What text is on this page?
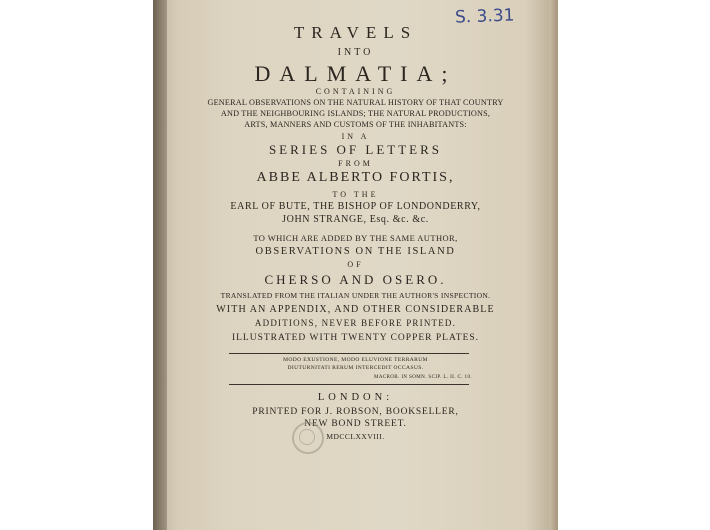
S. 3.31
TRAVELS
INTO
DALMATIA;
CONTAINING
GENERAL OBSERVATIONS ON THE NATURAL HISTORY OF THAT COUNTRY
AND THE NEIGHBOURING ISLANDS; THE NATURAL PRODUCTIONS,
ARTS, MANNERS AND CUSTOMS OF THE INHABITANTS:
IN A
SERIES OF LETTERS
FROM
ABBE ALBERTO FORTIS,
TO THE
EARL OF BUTE, THE BISHOP OF LONDONDERRY,
JOHN STRANGE, Esq. &c. &c.
TO WHICH ARE ADDED BY THE SAME AUTHOR,
OBSERVATIONS ON THE ISLAND
OF
CHERSO AND OSERO.
TRANSLATED FROM THE ITALIAN UNDER THE AUTHOR'S INSPECTION.
WITH AN APPENDIX, AND OTHER CONSIDERABLE
ADDITIONS, NEVER BEFORE PRINTED.
ILLUSTRATED WITH TWENTY COPPER PLATES.
MODO EXUSTIONE, MODO ELUVIONE TERRARUM
DIUTURNITATI RERUM INTERCEDIT OCCASUS.
MACROB. IN SOMN. SCIP. L. II. C. 10.
LONDON:
PRINTED FOR J. ROBSON, BOOKSELLER,
NEW BOND STREET.
MDCCLXXVIII.
